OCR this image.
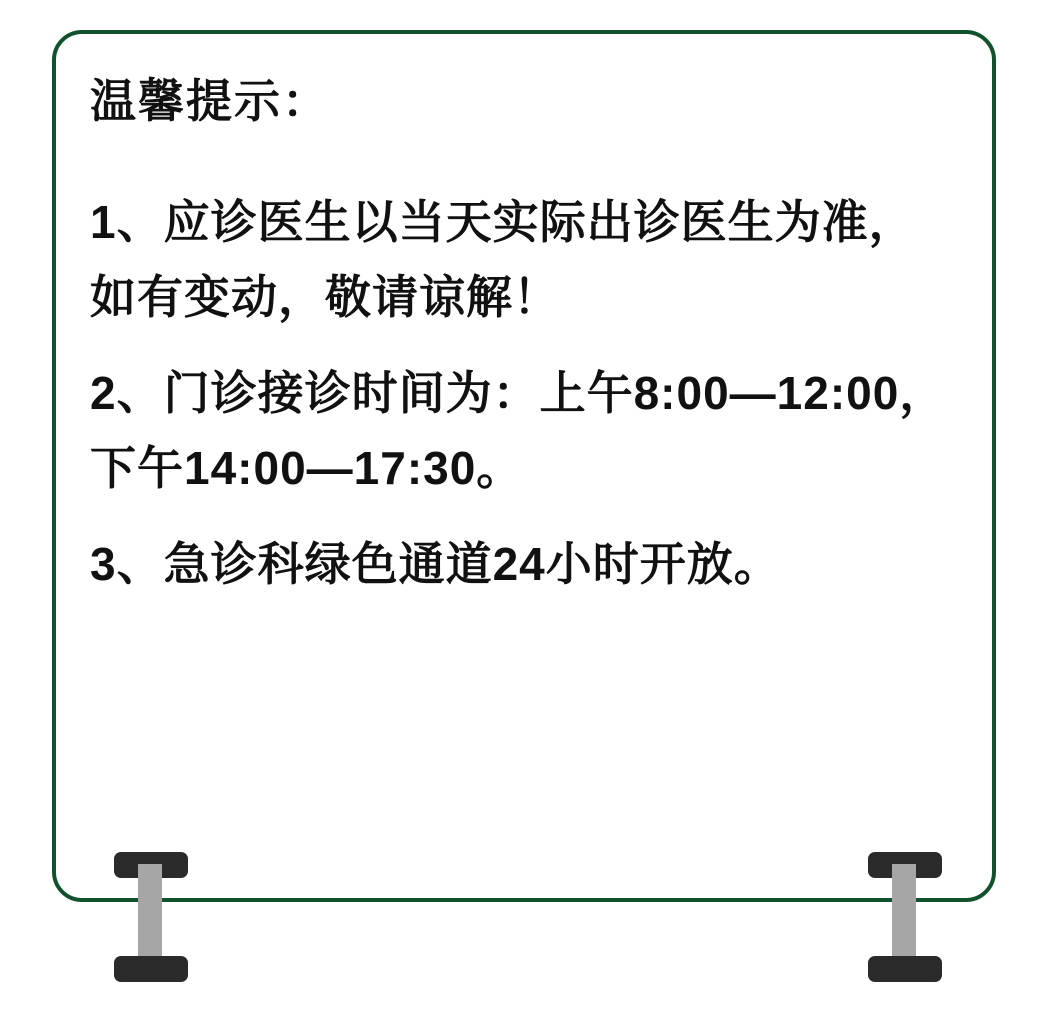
温馨提示：

1、应诊医生以当天实际出诊医生为准，如有变动，敬请谅解！
2、门诊接诊时间为：上午8:00—12:00，下午14:00—17:30。
3、急诊科绿色通道24小时开放。
